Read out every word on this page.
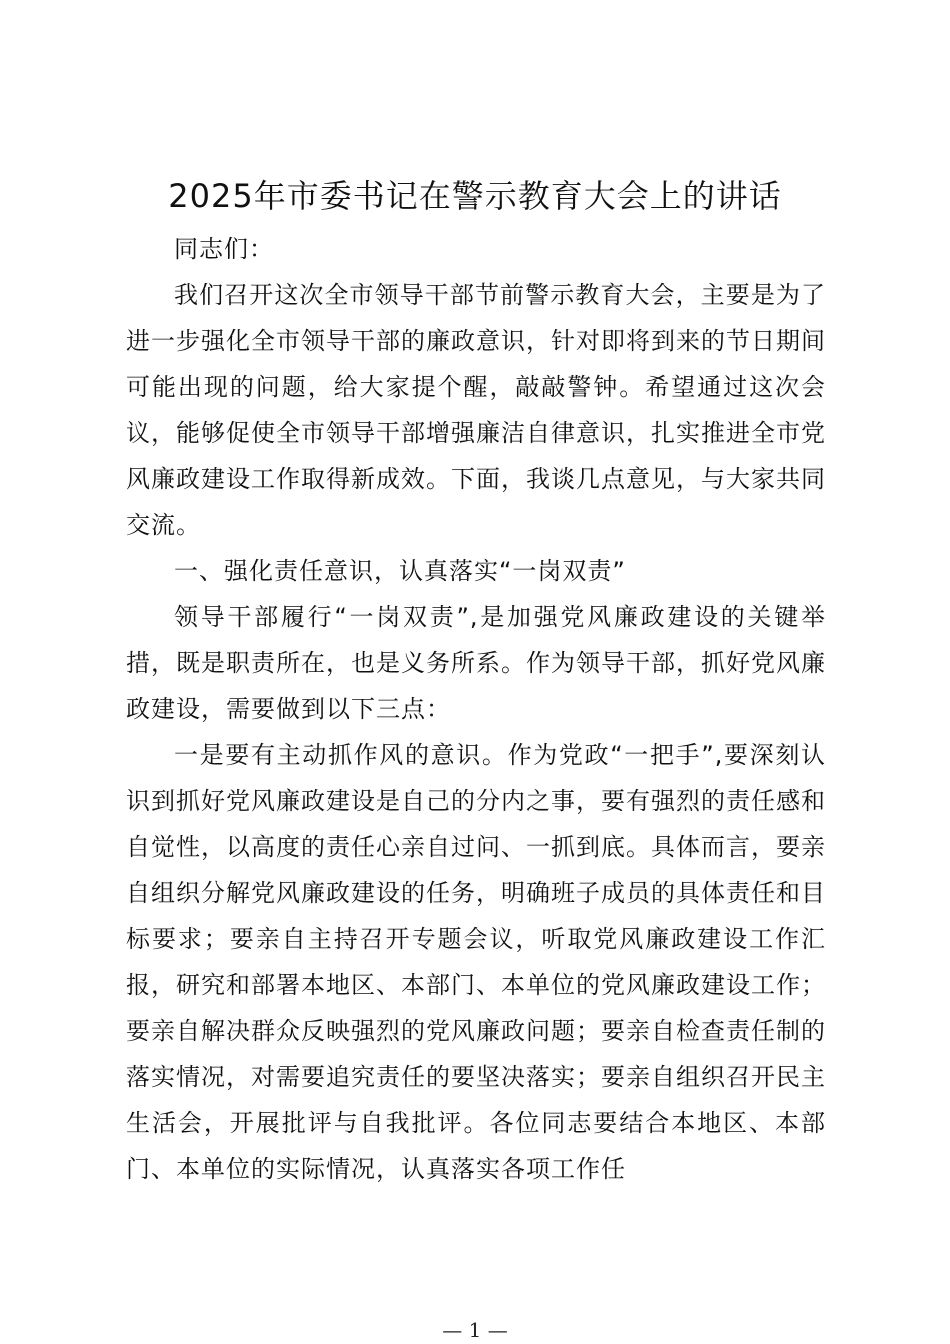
2025年市委书记在警示教育大会上的讲话

同志们：

我们召开这次全市领导干部节前警示教育大会，主要是为了进一步强化全市领导干部的廉政意识，针对即将到来的节日期间可能出现的问题，给大家提个醒，敲敲警钟。希望通过这次会议，能够促使全市领导干部增强廉洁自律意识，扎实推进全市党风廉政建设工作取得新成效。下面，我谈几点意见，与大家共同交流。

一、强化责任意识，认真落实“一岗双责”

领导干部履行“一岗双责”,是加强党风廉政建设的关键举措，既是职责所在，也是义务所系。作为领导干部，抓好党风廉政建设，需要做到以下三点：

一是要有主动抓作风的意识。作为党政“一把手”,要深刻认识到抓好党风廉政建设是自己的分内之事，要有强烈的责任感和自觉性，以高度的责任心亲自过问、一抓到底。具体而言，要亲自组织分解党风廉政建设的任务，明确班子成员的具体责任和目标要求；要亲自主持召开专题会议，听取党风廉政建设工作汇报，研究和部署本地区、本部门、本单位的党风廉政建设工作；要亲自解决群众反映强烈的党风廉政问题；要亲自检查责任制的落实情况，对需要追究责任的要坚决落实；要亲自组织召开民主生活会，开展批评与自我批评。各位同志要结合本地区、本部门、本单位的实际情况，认真落实各项工作任

— 1 —
